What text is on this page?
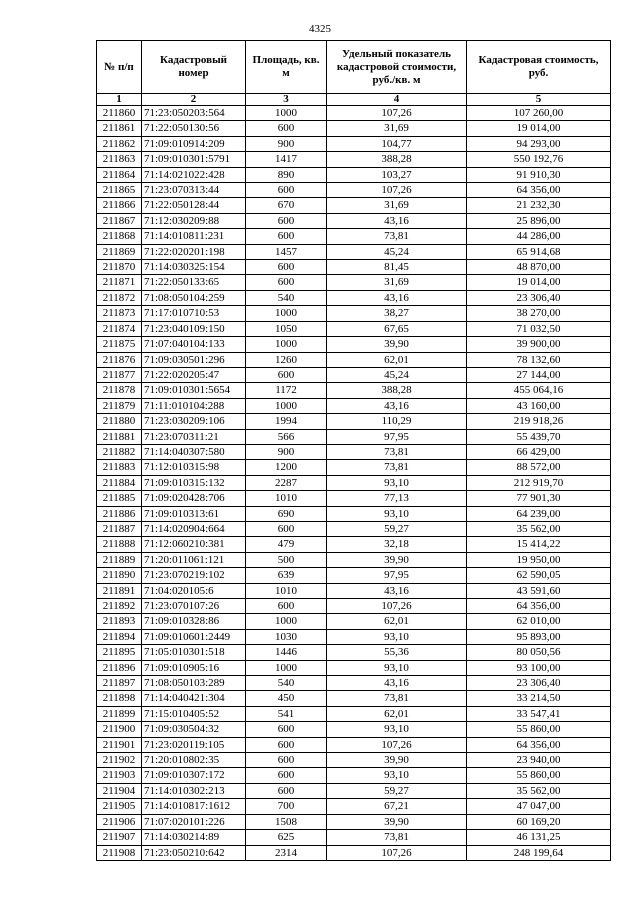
4325
№ п/п	Кадастровый номер	Площадь, кв. м	Удельный показатель кадастровой стоимости, руб./кв. м	Кадастровая стоимость, руб.
1	2	3	4	5
211860	71:23:050203:564	1000	107,26	107 260,00
211861	71:22:050130:56	600	31,69	19 014,00
211862	71:09:010914:209	900	104,77	94 293,00
211863	71:09:010301:5791	1417	388,28	550 192,76
211864	71:14:021022:428	890	103,27	91 910,30
211865	71:23:070313:44	600	107,26	64 356,00
211866	71:22:050128:44	670	31,69	21 232,30
211867	71:12:030209:88	600	43,16	25 896,00
211868	71:14:010811:231	600	73,81	44 286,00
211869	71:22:020201:198	1457	45,24	65 914,68
211870	71:14:030325:154	600	81,45	48 870,00
211871	71:22:050133:65	600	31,69	19 014,00
211872	71:08:050104:259	540	43,16	23 306,40
211873	71:17:010710:53	1000	38,27	38 270,00
211874	71:23:040109:150	1050	67,65	71 032,50
211875	71:07:040104:133	1000	39,90	39 900,00
211876	71:09:030501:296	1260	62,01	78 132,60
211877	71:22:020205:47	600	45,24	27 144,00
211878	71:09:010301:5654	1172	388,28	455 064,16
211879	71:11:010104:288	1000	43,16	43 160,00
211880	71:23:030209:106	1994	110,29	219 918,26
211881	71:23:070311:21	566	97,95	55 439,70
211882	71:14:040307:580	900	73,81	66 429,00
211883	71:12:010315:98	1200	73,81	88 572,00
211884	71:09:010315:132	2287	93,10	212 919,70
211885	71:09:020428:706	1010	77,13	77 901,30
211886	71:09:010313:61	690	93,10	64 239,00
211887	71:14:020904:664	600	59,27	35 562,00
211888	71:12:060210:381	479	32,18	15 414,22
211889	71:20:011061:121	500	39,90	19 950,00
211890	71:23:070219:102	639	97,95	62 590,05
211891	71:04:020105:6	1010	43,16	43 591,60
211892	71:23:070107:26	600	107,26	64 356,00
211893	71:09:010328:86	1000	62,01	62 010,00
211894	71:09:010601:2449	1030	93,10	95 893,00
211895	71:05:010301:518	1446	55,36	80 050,56
211896	71:09:010905:16	1000	93,10	93 100,00
211897	71:08:050103:289	540	43,16	23 306,40
211898	71:14:040421:304	450	73,81	33 214,50
211899	71:15:010405:52	541	62,01	33 547,41
211900	71:09:030504:32	600	93,10	55 860,00
211901	71:23:020119:105	600	107,26	64 356,00
211902	71:20:010802:35	600	39,90	23 940,00
211903	71:09:010307:172	600	93,10	55 860,00
211904	71:14:010302:213	600	59,27	35 562,00
211905	71:14:010817:1612	700	67,21	47 047,00
211906	71:07:020101:226	1508	39,90	60 169,20
211907	71:14:030214:89	625	73,81	46 131,25
211908	71:23:050210:642	2314	107,26	248 199,64
